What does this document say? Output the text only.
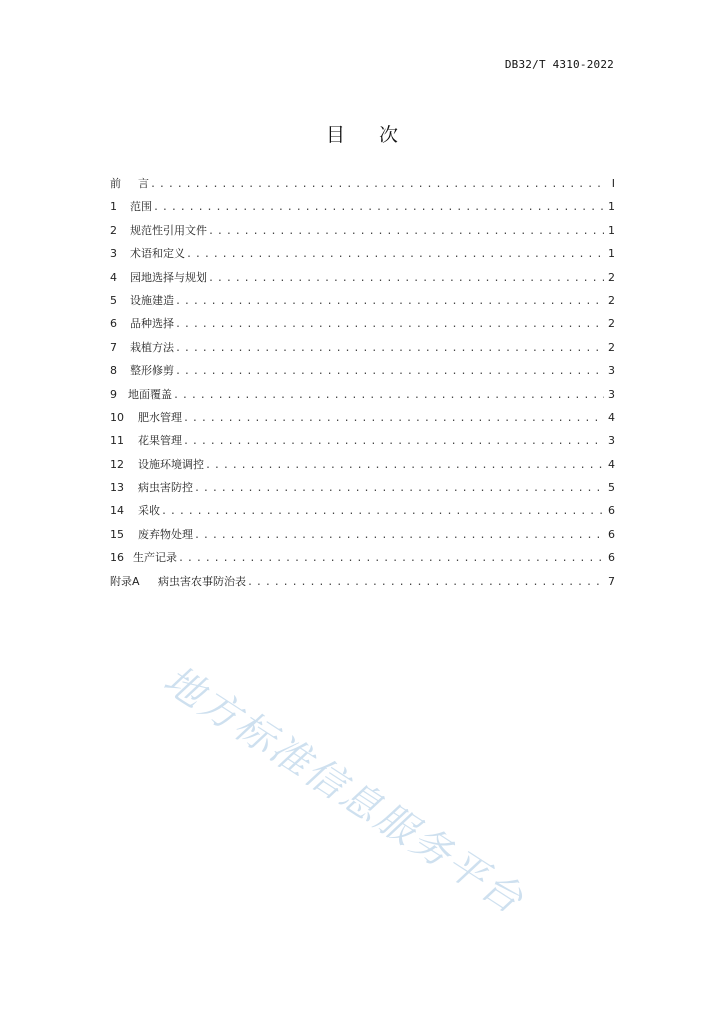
DB32/T 4310-2022
目 次
前	言 .....	Ⅰ
1	范围 .....	1
2	规范性引用文件 .....	1
3	术语和定义 .....	1
4	园地选择与规划 .....	2
5	设施建造 .....	2
6	品种选择 .....	2
7	栽植方法 .....	2
8	整形修剪 .....	3
9	地面覆盖 .....	3
10	肥水管理 .....	4
11	花果管理 .....	3
12	设施环境调控 .....	4
13	病虫害防控 .....	5
14	采收 .....	6
15	废弃物处理 .....	6
16 生产记录 .....	6
附录A	病虫害农事防治表 .....	7
地方标准信息服务平台
